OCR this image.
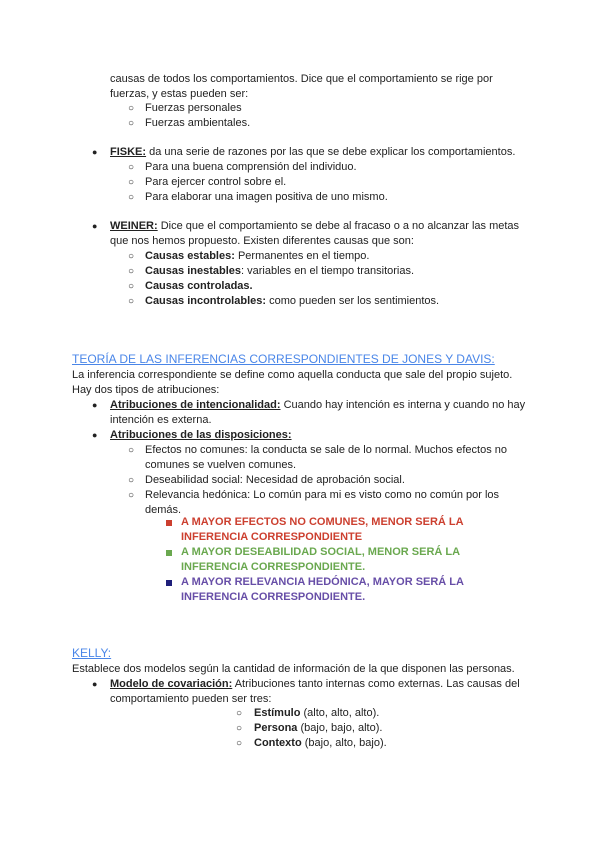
causas de todos los comportamientos. Dice que el comportamiento se rige por
fuerzas, y estas pueden ser:
○ Fuerzas personales
○ Fuerzas ambientales.
● FISKE: da una serie de razones por las que se debe explicar los comportamientos.
○ Para una buena comprensión del individuo.
○ Para ejercer control sobre el.
○ Para elaborar una imagen positiva de uno mismo.
● WEINER: Dice que el comportamiento se debe al fracaso o a no alcanzar las metas
que nos hemos propuesto. Existen diferentes causas que son:
○ Causas estables: Permanentes en el tiempo.
○ Causas inestables: variables en el tiempo transitorias.
○ Causas controladas.
○ Causas incontrolables: como pueden ser los sentimientos.
TEORÍA DE LAS INFERENCIAS CORRESPONDIENTES DE JONES Y DAVIS:
La inferencia correspondiente se define como aquella conducta que sale del propio sujeto.
Hay dos tipos de atribuciones:
● Atribuciones de intencionalidad: Cuando hay intención es interna y cuando no hay
intención es externa.
● Atribuciones de las disposiciones:
○ Efectos no comunes: la conducta se sale de lo normal. Muchos efectos no
comunes se vuelven comunes.
○ Deseabilidad social: Necesidad de aprobación social.
○ Relevancia hedónica: Lo común para mi es visto como no común por los
demás.
A MAYOR EFECTOS NO COMUNES, MENOR SERÁ LA
INFERENCIA CORRESPONDIENTE
A MAYOR DESEABILIDAD SOCIAL, MENOR SERÁ LA
INFERENCIA CORRESPONDIENTE.
A MAYOR RELEVANCIA HEDÓNICA, MAYOR SERÁ LA
INFERENCIA CORRESPONDIENTE.
KELLY:
Establece dos modelos según la cantidad de información de la que disponen las personas.
● Modelo de covariación: Atribuciones tanto internas como externas. Las causas del
comportamiento pueden ser tres:
○ Estímulo (alto, alto, alto).
○ Persona (bajo, bajo, alto).
○ Contexto (bajo, alto, bajo).
